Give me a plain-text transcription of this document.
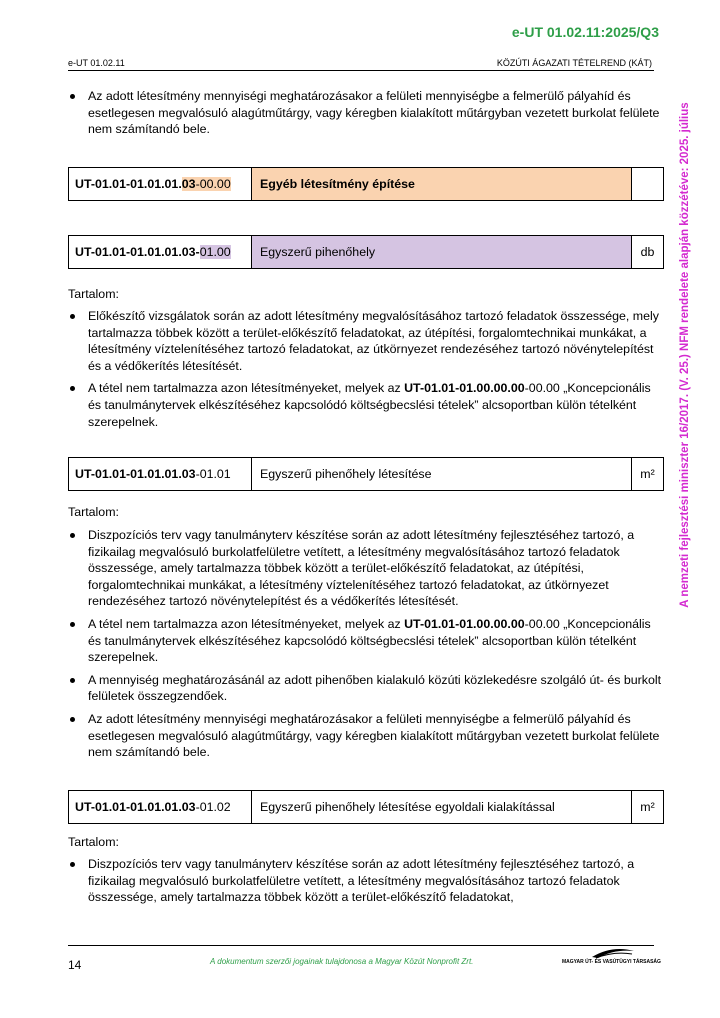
e-UT 01.02.11:2025/Q3
e-UT 01.02.11	KÖZÚTI ÁGAZATI TÉTELREND (KÁT)
A nemzeti fejlesztési miniszter 16/2017. (V. 25.) NFM rendelete alapján közzétéve: 2025. július
Az adott létesítmény mennyiségi meghatározásakor a felületi mennyiségbe a felmerülő pályahíd és esetlegesen megvalósuló alagútműtárgy, vagy kéregben kialakított műtárgyban vezetett burkolat felülete nem számítandó bele.
UT-01.01-01.01.01. 03 -00.00	Egyéb létesítmény építése
UT-01.01-01.01.01.03- 01.00	Egyszerű pihenőhely	db
Tartalom:
Előkészítő vizsgálatok során az adott létesítmény megvalósításához tartozó feladatok összessége, mely tartalmazza többek között a terület-előkészítő feladatokat, az útépítési, forgalomtechnikai munkákat, a létesítmény víztelenítéséhez tartozó feladatokat, az útkörnyezet rendezéséhez tartozó növénytelepítést és a védőkerítés létesítését.
A tétel nem tartalmazza azon létesítményeket, melyek az UT-01.01-01.00.00.00-00.00 „Koncepcionális és tanulmánytervek elkészítéséhez kapcsolódó költségbecslési tételek” alcsoportban külön tételként szerepelnek.
UT-01.01-01.01.01.03 -01.01	Egyszerű pihenőhely létesítése	m²
Tartalom:
Diszpozíciós terv vagy tanulmányterv készítése során az adott létesítmény fejlesztéséhez tartozó, a fizikailag megvalósuló burkolatfelületre vetített, a létesítmény megvalósításához tartozó feladatok összessége, amely tartalmazza többek között a terület-előkészítő feladatokat, az útépítési, forgalomtechnikai munkákat, a létesítmény víztelenítéséhez tartozó feladatokat, az útkörnyezet rendezéséhez tartozó növénytelepítést és a védőkerítés létesítését.
A tétel nem tartalmazza azon létesítményeket, melyek az UT-01.01-01.00.00.00-00.00 „Koncepcionális és tanulmánytervek elkészítéséhez kapcsolódó költségbecslési tételek” alcsoportban külön tételként szerepelnek.
A mennyiség meghatározásánál az adott pihenőben kialakuló közúti közlekedésre szolgáló út- és burkolt felületek összegzendőek.
Az adott létesítmény mennyiségi meghatározásakor a felületi mennyiségbe a felmerülő pályahíd és esetlegesen megvalósuló alagútműtárgy, vagy kéregben kialakított műtárgyban vezetett burkolat felülete nem számítandó bele.
UT-01.01-01.01.01.03 -01.02	Egyszerű pihenőhely létesítése egyoldali kialakítással	m²
Tartalom:
Diszpozíciós terv vagy tanulmányterv készítése során az adott létesítmény fejlesztéséhez tartozó, a fizikailag megvalósuló burkolatfelületre vetített, a létesítmény megvalósításához tartozó feladatok összessége, amely tartalmazza többek között a terület-előkészítő feladatokat,
14	A dokumentum szerzői jogainak tulajdonosa a Magyar Közút Nonprofit Zrt.	MAGYAR ÚT- ÉS VASÚTÜGYI TÁRSASÁG
